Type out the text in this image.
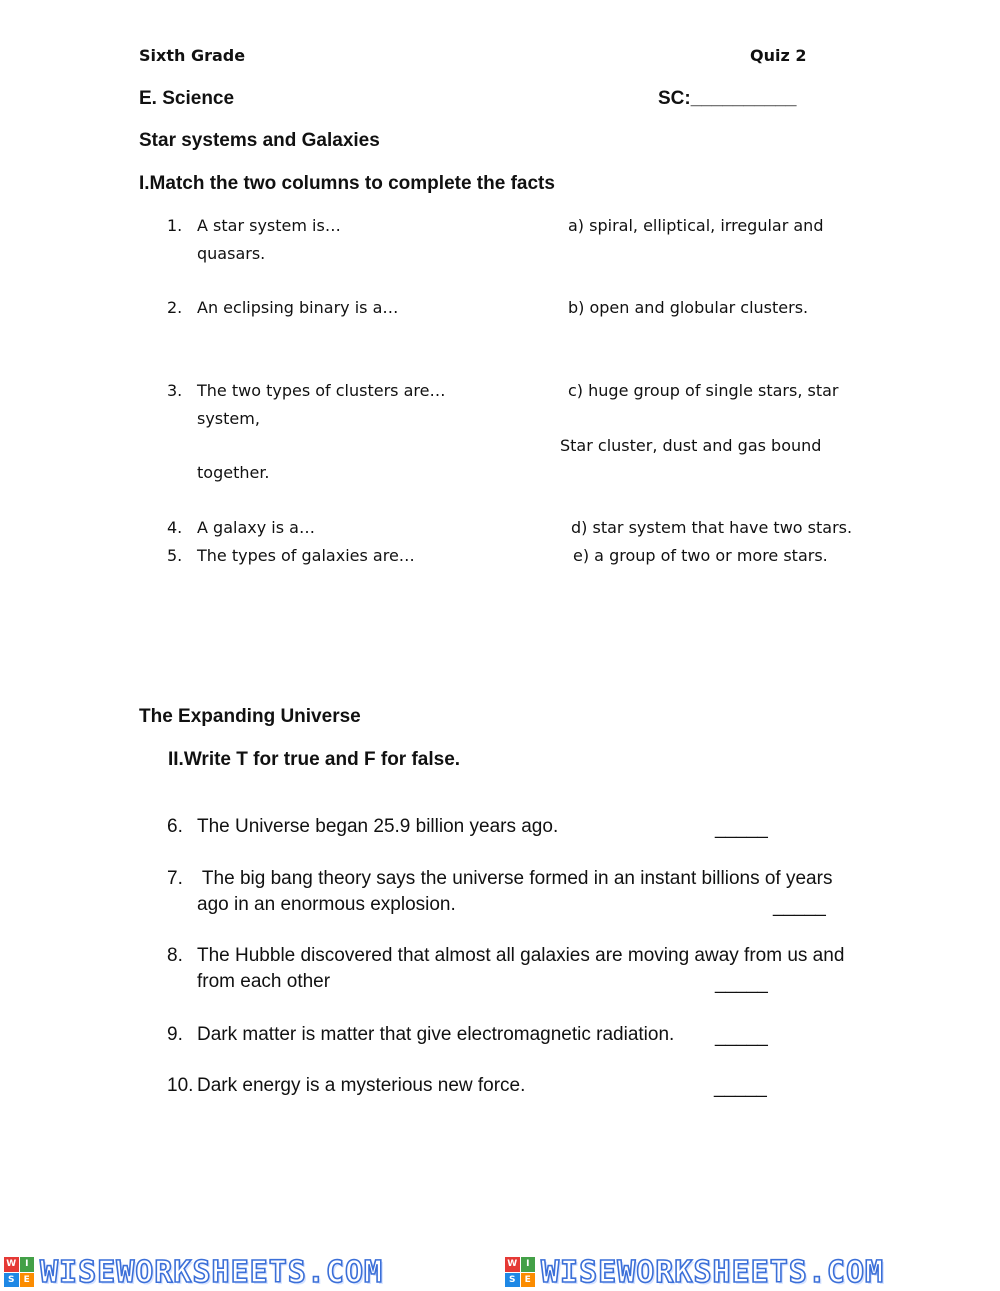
Sixth Grade	Quiz 2
E. Science	SC:__________
Star systems and Galaxies
I.Match the two columns to complete the facts
1. A star system is…	a) spiral, elliptical, irregular and
quasars.
2. An eclipsing binary is a…	b) open and globular clusters.
3. The two types of clusters are…	c) huge group of single stars, star
system,
Star cluster, dust and gas bound
together.
4. A galaxy is a…	d) star system that have two stars.
5. The types of galaxies are…	e) a group of two or more stars.
The Expanding Universe
II.Write T for true and F for false.
6. The Universe began 25.9 billion years ago.	_____
7. The big bang theory says the universe formed in an instant billions of years
ago in an enormous explosion.	_____
8. The Hubble discovered that almost all galaxies are moving away from us and
from each other	_____
9. Dark matter is matter that give electromagnetic radiation. _____
10. Dark energy is a mysterious new force.	_____
W I
S	E WISEWORKSHEETS.COM	W I
S	E WISEWORKSHEETS.COM
